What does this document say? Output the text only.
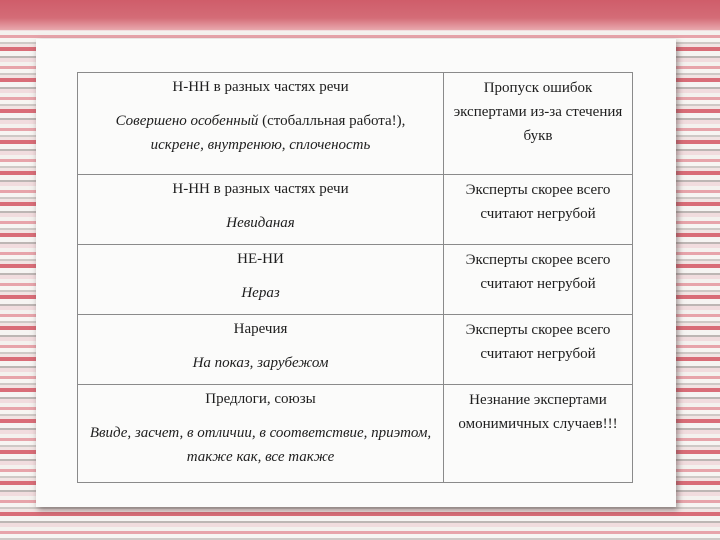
Н-НН в разных частях речи
Совершено особенный (стобалльная работа!),
искрене, внутренюю, сплоченость	Пропуск ошибок экспертами из-за стечения букв

Н-НН в разных частях речи
Невиданая	Эксперты скорее всего считают негрубой

НЕ-НИ
Нераз	Эксперты скорее всего считают негрубой

Наречия
На показ, зарубежом	Эксперты скорее всего считают негрубой

Предлоги, союзы
Ввиде, засчет, в отличии, в соответствие, приэтом, также как, все также	Незнание экспертами омонимичных случаев!!!
